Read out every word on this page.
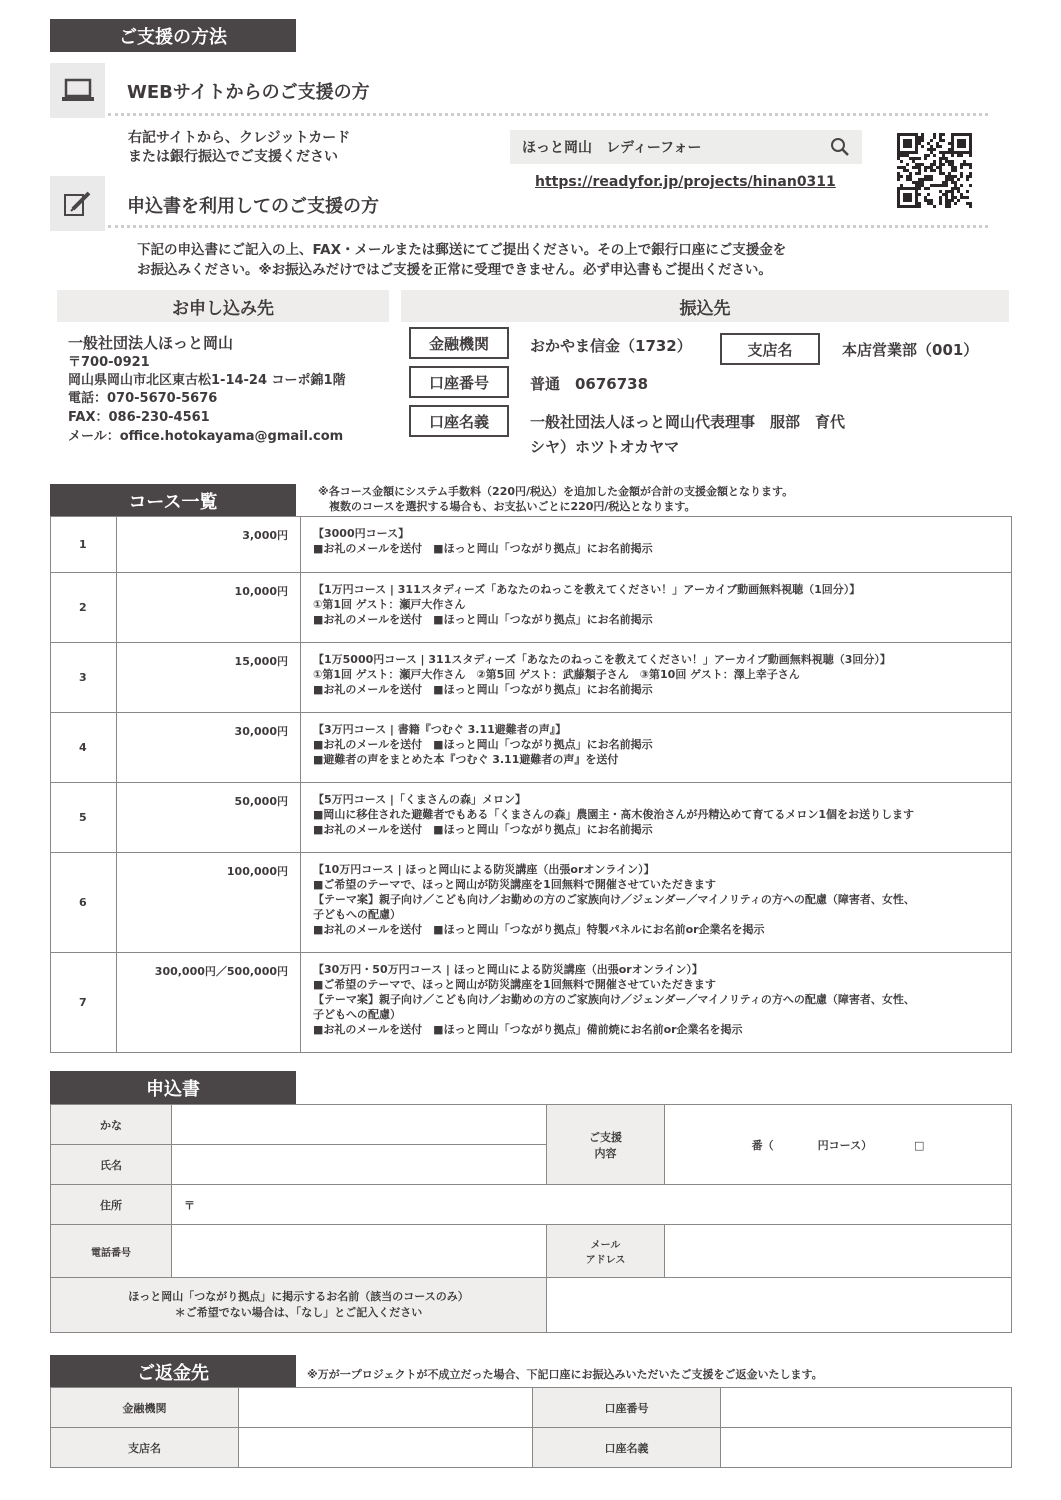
ご支援の方法
WEBサイトからのご支援の方
右記サイトから、クレジットカード
または銀行振込でご支援ください
ほっと岡山　レディーフォー
https://readyfor.jp/projects/hinan0311
申込書を利用してのご支援の方
下記の申込書にご記入の上、FAX・メールまたは郵送にてご提出ください。その上で銀行口座にご支援金を
お振込みください。※お振込みだけではご支援を正常に受理できません。必ず申込書もご提出ください。
お申し込み先	振込先
一般社団法人ほっと岡山
〒700-0921
岡山県岡山市北区東古松1-14-24 コーポ錦1階
電話：070-5670-5676
FAX：086-230-4561
メール：office.hotokayama@gmail.com
金融機関	おかやま信金（1732）	支店名	本店営業部（001）
口座番号	普通　0676738
口座名義	一般社団法人ほっと岡山代表理事　服部　育代
シヤ）ホツトオカヤマ
コース一覧	※各コース金額にシステム手数料（220円/税込）を追加した金額が合計の支援金額となります。
　複数のコースを選択する場合も、お支払いごとに220円/税込となります。
1	3,000円	【3000円コース】
■お礼のメールを送付　■ほっと岡山「つながり拠点」にお名前掲示

2	10,000円	【1万円コース | 311スタディーズ「あなたのねっこを教えてください！」アーカイブ動画無料視聴（1回分）】
①第1回 ゲスト：瀬戸大作さん
■お礼のメールを送付　■ほっと岡山「つながり拠点」にお名前掲示

3	15,000円	【1万5000円コース | 311スタディーズ「あなたのねっこを教えてください！」アーカイブ動画無料視聴（3回分）】
①第1回 ゲスト：瀬戸大作さん　②第5回 ゲスト：武藤類子さん　③第10回 ゲスト：澤上幸子さん
■お礼のメールを送付　■ほっと岡山「つながり拠点」にお名前掲示

4	30,000円	【3万円コース | 書籍『つむぐ 3.11避難者の声』】
■お礼のメールを送付　■ほっと岡山「つながり拠点」にお名前掲示
■避難者の声をまとめた本『つむぐ 3.11避難者の声』を送付

5	50,000円	【5万円コース |「くまさんの森」メロン】
■岡山に移住された避難者でもある「くまさんの森」農園主・髙木俊治さんが丹精込めて育てるメロン1個をお送りします
■お礼のメールを送付　■ほっと岡山「つながり拠点」にお名前掲示

6	100,000円	【10万円コース | ほっと岡山による防災講座（出張orオンライン）】
■ご希望のテーマで、ほっと岡山が防災講座を1回無料で開催させていただきます
【テーマ案】親子向け／こども向け／お勤めの方のご家族向け／ジェンダー／マイノリティの方への配慮（障害者、女性、
子どもへの配慮）
■お礼のメールを送付　■ほっと岡山「つながり拠点」特製パネルにお名前or企業名を掲示

7	300,000円／500,000円	【30万円・50万円コース | ほっと岡山による防災講座（出張orオンライン）】
■ご希望のテーマで、ほっと岡山が防災講座を1回無料で開催させていただきます
【テーマ案】親子向け／こども向け／お勤めの方のご家族向け／ジェンダー／マイノリティの方への配慮（障害者、女性、
子どもへの配慮）
■お礼のメールを送付　■ほっと岡山「つながり拠点」備前焼にお名前or企業名を掲示
申込書
かな		ご支援
内容	番（　　　　円コース） □
氏名			
住所	〒		
電話番号		メール
アドレス	

ほっと岡山「つながり拠点」に掲示するお名前（該当のコースのみ）
＊ご希望でない場合は、「なし」とご記入ください			

ご返金先	※万が一プロジェクトが不成立だった場合、下記口座にお振込みいただいたご支援をご返金いたします。
金融機関		口座番号	
支店名		口座名義	
